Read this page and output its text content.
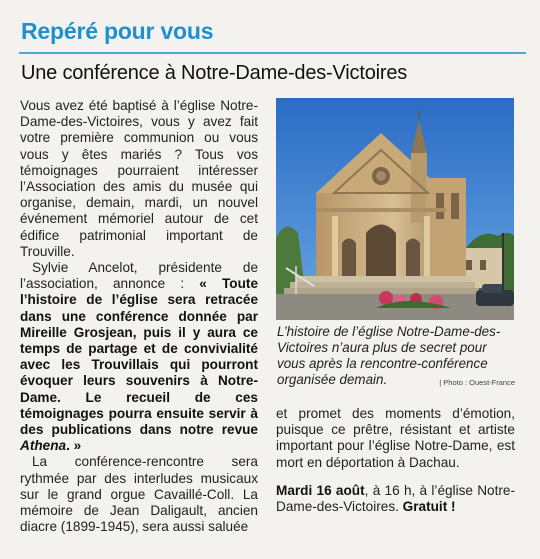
Repéré pour vous
Une conférence à Notre-Dame-des-Victoires

Vous avez été baptisé à l’église Notre-Dame-des-Victoires, vous y avez fait votre première communion ou vous vous y êtes mariés ? Tous vos témoignages pourraient intéresser l’Association des amis du musée qui organise, demain, mardi, un nouvel événement mémoriel autour de cet édifice patrimonial important de Trouville.

Sylvie Ancelot, présidente de l’association, annonce : « Toute l’histoire de l’église sera retracée dans une conférence donnée par Mireille Grosjean, puis il y aura ce temps de partage et de convivialité avec les Trouvillais qui pourront évoquer leurs souvenirs à Notre-Dame. Le recueil de ces témoignages pourra ensuite servir à des publications dans notre revue Athena. »

La conférence-rencontre sera rythmée par des interludes musicaux sur le grand orgue Cavaillé-Coll. La mémoire de Jean Daligault, ancien diacre (1899-1945), sera aussi saluée

L’histoire de l’église Notre-Dame-des-Victoires n’aura plus de secret pour vous après la rencontre-conférence organisée demain.	| Photo : Ouest-France

et promet des moments d’émotion, puisque ce prêtre, résistant et artiste important pour l’église Notre-Dame, est mort en déportation à Dachau.

Mardi 16 août, à 16 h, à l’église Notre-Dame-des-Victoires. Gratuit !
